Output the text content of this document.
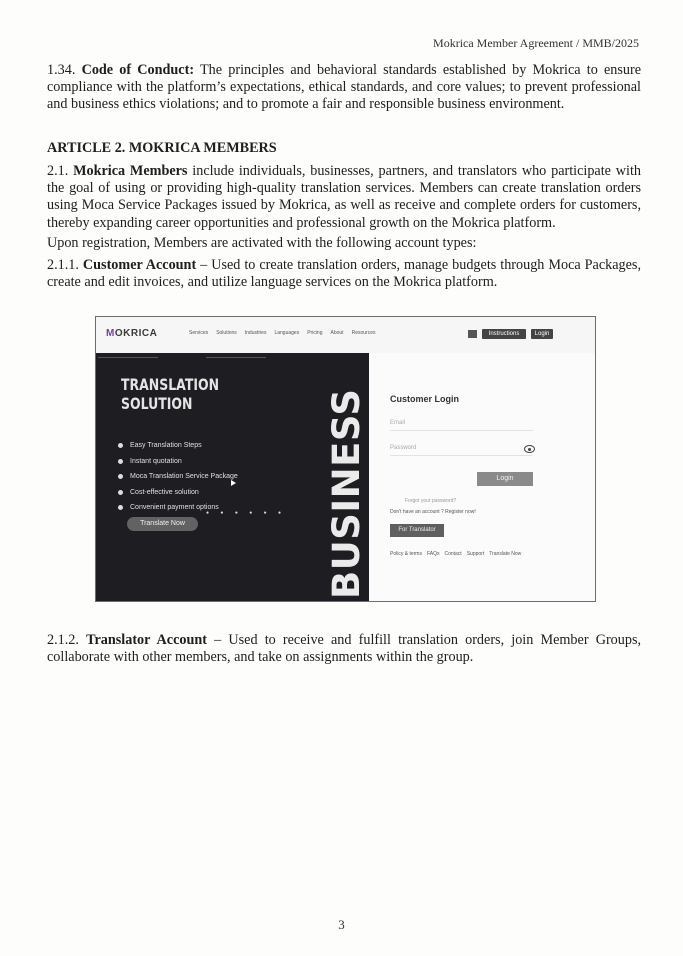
Mokrica Member Agreement / MMB/2025
1.34. Code of Conduct: The principles and behavioral standards established by Mokrica to ensure compliance with the platform’s expectations, ethical standards, and core values; to prevent professional and business ethics violations; and to promote a fair and responsible business environment.
ARTICLE 2. MOKRICA MEMBERS
2.1. Mokrica Members include individuals, businesses, partners, and translators who participate with the goal of using or providing high-quality translation services. Members can create translation orders using Moca Service Packages issued by Mokrica, as well as receive and complete orders for customers, thereby expanding career opportunities and professional growth on the Mokrica platform.
Upon registration, Members are activated with the following account types:
2.1.1. Customer Account – Used to create translation orders, manage budgets through Moca Packages, create and edit invoices, and utilize language services on the Mokrica platform.
MOKRICA	Services Solutions Industries Languages Pricing About Resources	Instructions	Login
TRANSLATION
SOLUTION
Easy Translation Steps
Instant quotation
Moca Translation Service Package
Cost-effective solution
Convenient payment options
● ● ● ● ● ●
Translate Now	BUSINESS Customer Login
Email
Password
Login
Forgot your password?
Don't have an account ? Register now!
For Translator
Policy & terms FAQs Contact Support Translate Now
2.1.2. Translator Account – Used to receive and fulfill translation orders, join Member Groups, collaborate with other members, and take on assignments within the group.
3
